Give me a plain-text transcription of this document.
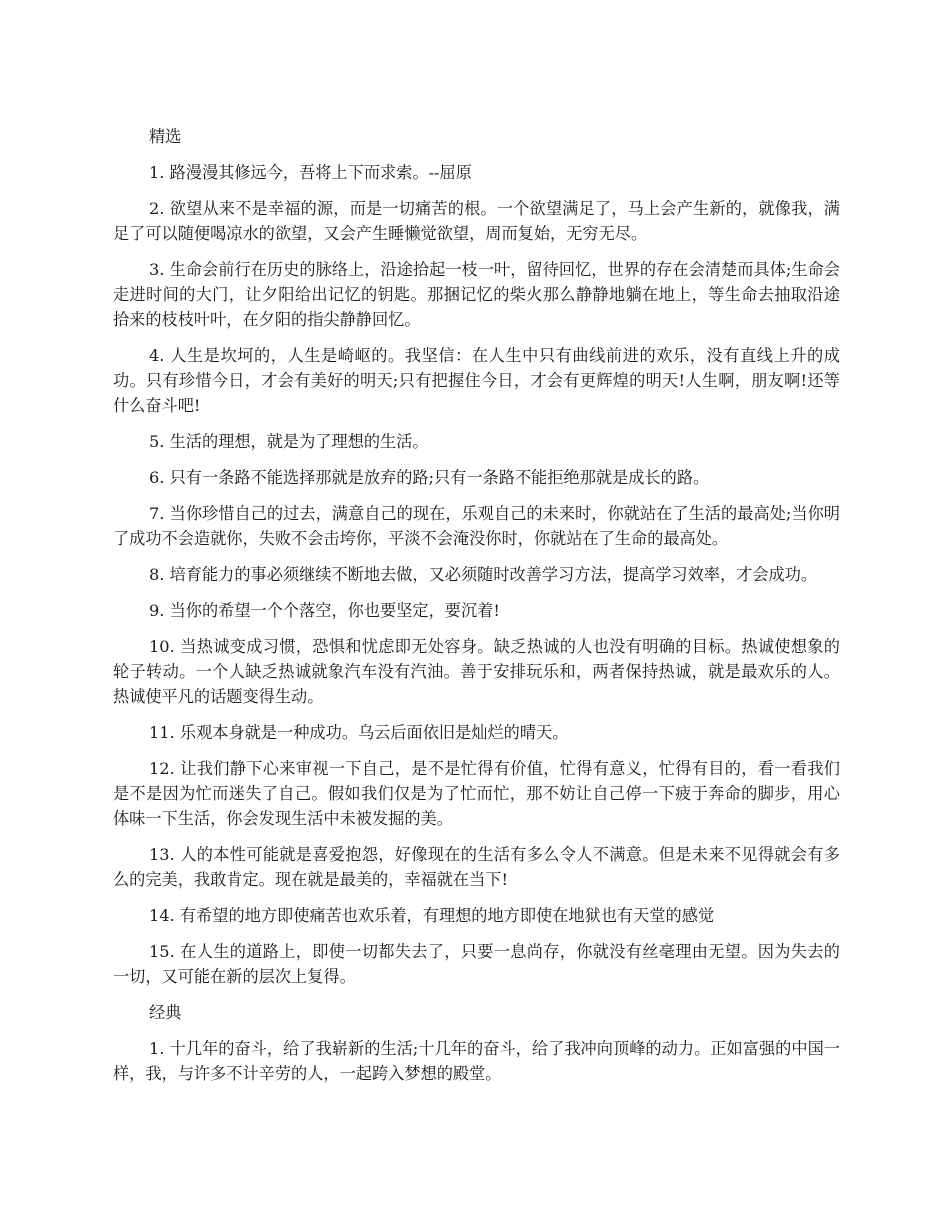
精选

1. 路漫漫其修远今，吾将上下而求索。--屈原

2. 欲望从来不是幸福的源，而是一切痛苦的根。一个欲望满足了，马上会产生新的，就像我，满足了可以随便喝凉水的欲望，又会产生睡懒觉欲望，周而复始，无穷无尽。

3. 生命会前行在历史的脉络上，沿途拾起一枝一叶，留待回忆，世界的存在会清楚而具体;生命会走进时间的大门，让夕阳给出记忆的钥匙。那捆记忆的柴火那么静静地躺在地上，等生命去抽取沿途拾来的枝枝叶叶，在夕阳的指尖静静回忆。

4. 人生是坎坷的，人生是崎岖的。我坚信：在人生中只有曲线前进的欢乐，没有直线上升的成功。只有珍惜今日，才会有美好的明天;只有把握住今日，才会有更辉煌的明天!人生啊，朋友啊!还等什么奋斗吧!

5. 生活的理想，就是为了理想的生活。

6. 只有一条路不能选择那就是放弃的路;只有一条路不能拒绝那就是成长的路。

7. 当你珍惜自己的过去，满意自己的现在，乐观自己的未来时，你就站在了生活的最高处;当你明了成功不会造就你，失败不会击垮你，平淡不会淹没你时，你就站在了生命的最高处。

8. 培育能力的事必须继续不断地去做，又必须随时改善学习方法，提高学习效率，才会成功。

9. 当你的希望一个个落空，你也要坚定，要沉着!

10. 当热诚变成习惯，恐惧和忧虑即无处容身。缺乏热诚的人也没有明确的目标。热诚使想象的轮子转动。一个人缺乏热诚就象汽车没有汽油。善于安排玩乐和，两者保持热诚，就是最欢乐的人。热诚使平凡的话题变得生动。

11. 乐观本身就是一种成功。乌云后面依旧是灿烂的晴天。

12. 让我们静下心来审视一下自己，是不是忙得有价值，忙得有意义，忙得有目的，看一看我们是不是因为忙而迷失了自己。假如我们仅是为了忙而忙，那不妨让自己停一下疲于奔命的脚步，用心体味一下生活，你会发现生活中未被发掘的美。

13. 人的本性可能就是喜爱抱怨，好像现在的生活有多么令人不满意。但是未来不见得就会有多么的完美，我敢肯定。现在就是最美的，幸福就在当下!

14. 有希望的地方即使痛苦也欢乐着，有理想的地方即使在地狱也有天堂的感觉

15. 在人生的道路上，即使一切都失去了，只要一息尚存，你就没有丝毫理由无望。因为失去的一切，又可能在新的层次上复得。

经典

1. 十几年的奋斗，给了我崭新的生活;十几年的奋斗，给了我冲向顶峰的动力。正如富强的中国一样，我，与许多不计辛劳的人，一起跨入梦想的殿堂。
